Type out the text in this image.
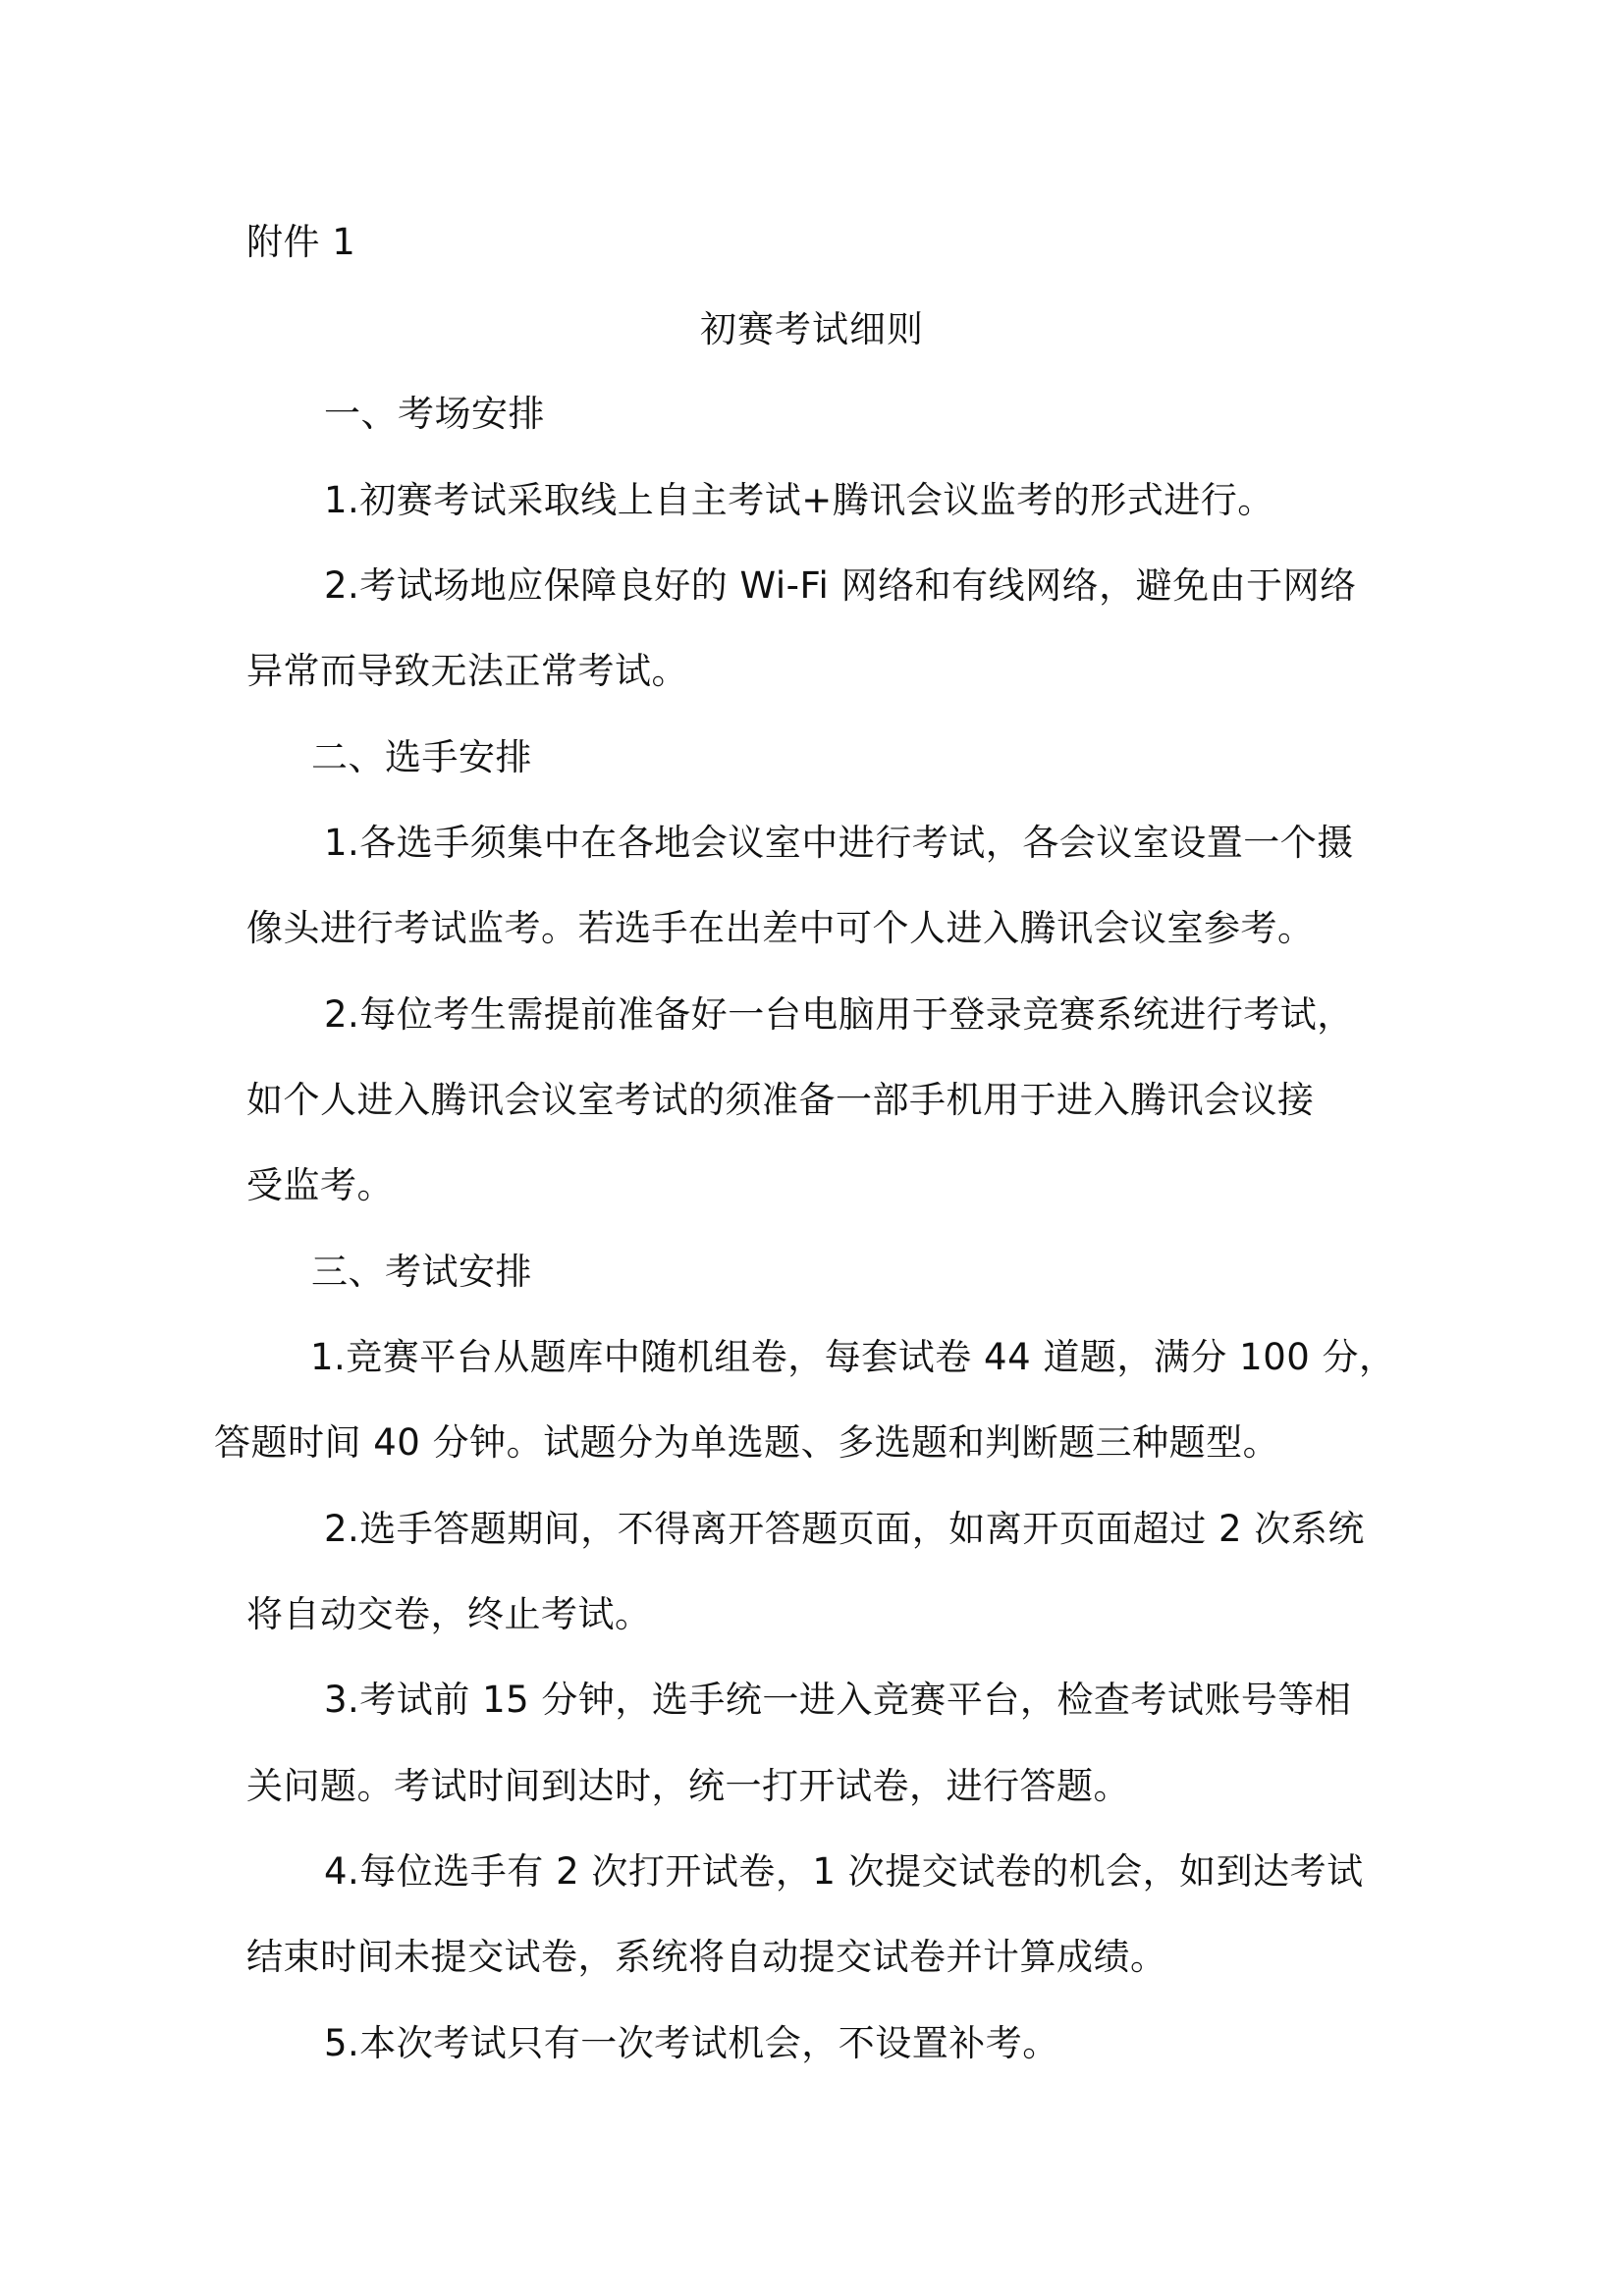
附件 1
初赛考试细则
一、考场安排
1.初赛考试采取线上自主考试+腾讯会议监考的形式进行。
2.考试场地应保障良好的 Wi-Fi 网络和有线网络，避免由于网络
异常而导致无法正常考试。
二、选手安排
1.各选手须集中在各地会议室中进行考试，各会议室设置一个摄
像头进行考试监考。若选手在出差中可个人进入腾讯会议室参考。
2.每位考生需提前准备好一台电脑用于登录竞赛系统进行考试，
如个人进入腾讯会议室考试的须准备一部手机用于进入腾讯会议接
受监考。
三、考试安排
1.竞赛平台从题库中随机组卷，每套试卷 44 道题，满分 100 分，
答题时间 40 分钟。试题分为单选题、多选题和判断题三种题型。
2.选手答题期间，不得离开答题页面，如离开页面超过 2 次系统
将自动交卷，终止考试。
3.考试前 15 分钟，选手统一进入竞赛平台，检查考试账号等相
关问题。考试时间到达时，统一打开试卷，进行答题。
4.每位选手有 2 次打开试卷，1 次提交试卷的机会，如到达考试
结束时间未提交试卷，系统将自动提交试卷并计算成绩。
5.本次考试只有一次考试机会，不设置补考。
